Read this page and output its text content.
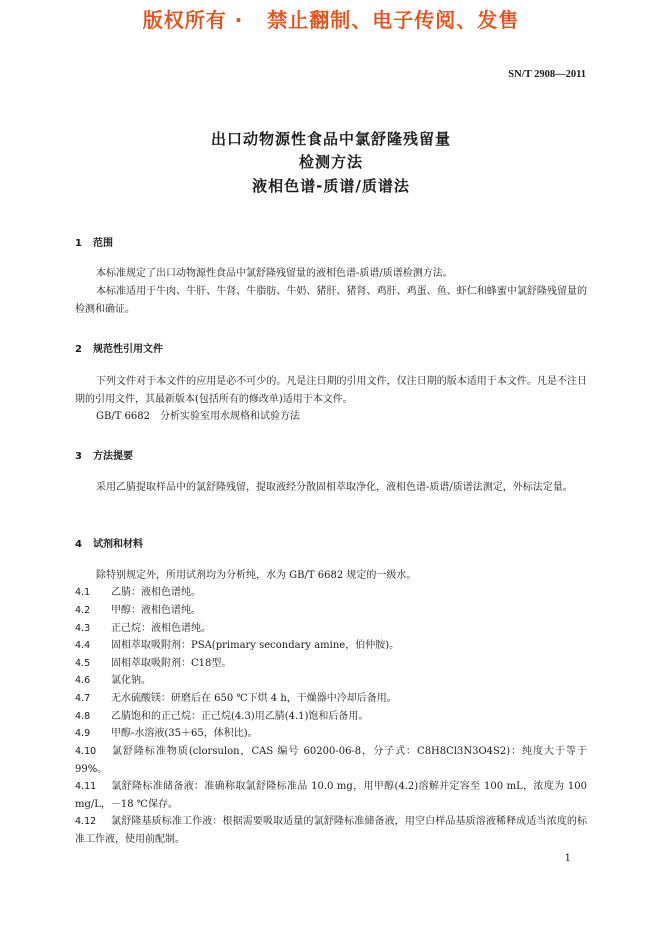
版权所有 ·   禁止翻制、电子传阅、发售
SN/T 2908—2011
出口动物源性食品中氯舒隆残留量
检测方法
液相色谱-质谱/质谱法
1 范围
本标准规定了出口动物源性食品中氯舒隆残留量的液相色谱-质谱/质谱检测方法。
本标准适用于牛肉、牛肝、牛肾、牛脂肪、牛奶、猪肝、猪肾、鸡肝、鸡蛋、鱼、虾仁和蜂蜜中氯舒隆残留量的检测和确证。
2 规范性引用文件
下列文件对于本文件的应用是必不可少的。凡是注日期的引用文件，仅注日期的版本适用于本文件。凡是不注日期的引用文件，其最新版本(包括所有的修改单)适用于本文件。
GB/T 6682　分析实验室用水规格和试验方法
3 方法提要
采用乙腈提取样品中的氯舒隆残留，提取液经分散固相萃取净化，液相色谱-质谱/质谱法测定，外标法定量。
4 试剂和材料
除特别规定外，所用试剂均为分析纯，水为 GB/T 6682 规定的一级水。
4.1 乙腈：液相色谱纯。
4.2 甲醇：液相色谱纯。
4.3 正己烷：液相色谱纯。
4.4 固相萃取吸附剂：PSA(primary secondary amine，伯仲胺)。
4.5 固相萃取吸附剂：C18型。
4.6 氯化钠。
4.7 无水硫酸镁：研磨后在 650 ℃下烘 4 h，干燥器中冷却后备用。
4.8 乙腈饱和的正己烷：正己烷(4.3)用乙腈(4.1)饱和后备用。
4.9 甲醇-水溶液(35＋65，体积比)。
4.10 氯舒隆标准物质(clorsulon，CAS 编号 60200-06-8，分子式：C8H8Cl3N3O4S2)：纯度大于等于 99%。
4.11 氯舒隆标准储备液：准确称取氯舒隆标准品 10.0 mg，用甲醇(4.2)溶解并定容至 100 mL，浓度为 100 mg/L，－18 ℃保存。
4.12 氯舒隆基质标准工作液：根据需要吸取适量的氯舒隆标准储备液，用空白样品基质溶液稀释成适当浓度的标准工作液，使用前配制。
1
